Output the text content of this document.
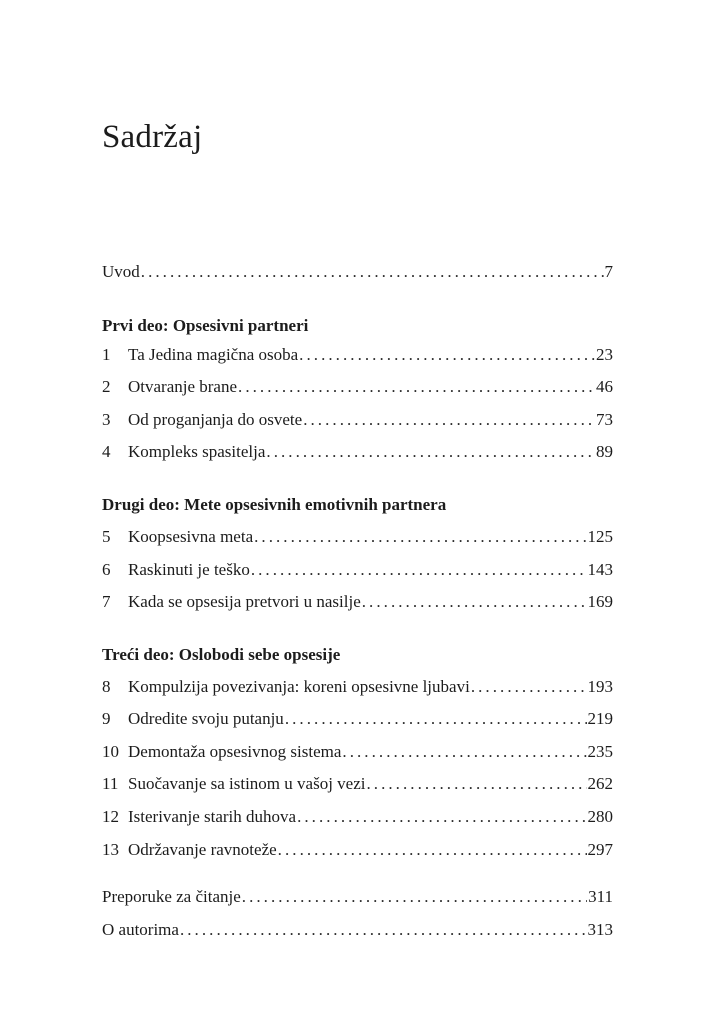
Sadržaj
Uvod . . .	7
Prvi deo: Opsesivni partneri
1	Ta Jedina magična osoba . . .	23
2	Otvaranje brane . . .	46
3	Od proganjanja do osvete . . .	73
4	Kompleks spasitelja . . .	89
Drugi deo: Mete opsesivnih emotivnih partnera
5	Koopsesivna meta . . .	125
6	Raskinuti je teško . . .	143
7	Kada se opsesija pretvori u nasilje . . .	169
Treći deo: Oslobodi sebe opsesije
8	Kompulzija povezivanja: koreni opsesivne ljubavi . . .	193
9	Odredite svoju putanju . . .	219
10 Demontaža opsesivnog sistema . . .	235
11 Suočavanje sa istinom u vašoj vezi . . .	262
12 Isterivanje starih duhova . . .	280
13 Održavanje ravnoteže . . .	297
Preporuke za čitanje . . .	311
O autorima . . .	313
